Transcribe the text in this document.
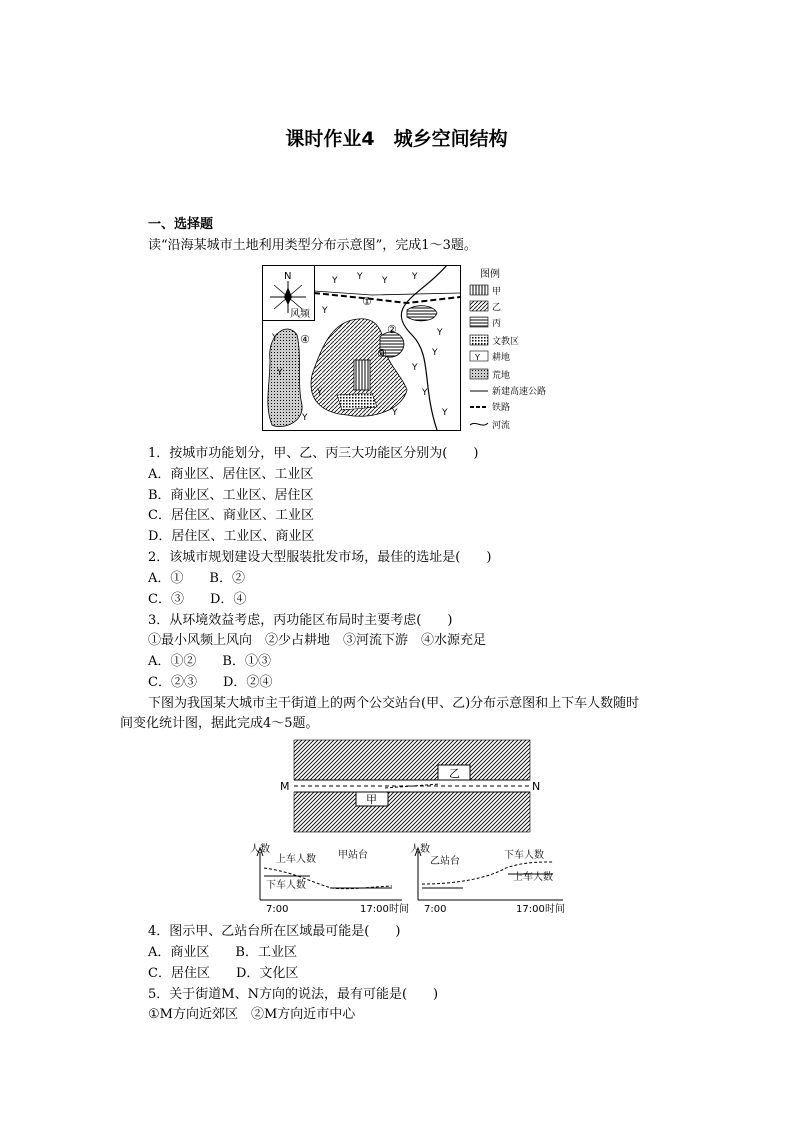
课时作业4　城乡空间结构
一、选择题
读“沿海某城市土地利用类型分布示意图”，完成1～3题。
N
风频
①
②
③
④
Y Y Y	Y
Y
Y
Y
Y
Y
Y
Y
Y
Y
Y
Y
图例
甲
乙
丙
文教区
Y 耕地
荒地
新建高速公路
铁路
河流
1．按城市功能划分，甲、乙、丙三大功能区分别为(　　)
A．商业区、居住区、工业区
B．商业区、工业区、居住区
C．居住区、商业区、工业区
D．居住区、工业区、商业区
2．该城市规划建设大型服装批发市场，最佳的选址是(　　)
A．①　　B．②
C．③　　D．④
3．从环境效益考虑，丙功能区布局时主要考虑(　　)
①最小风频上风向　②少占耕地　③河流下游　④水源充足
A．①②　　B．①③
C．②③　　D．②④
下图为我国某大城市主干街道上的两个公交站台(甲、乙)分布示意图和上下车人数随时
间变化统计图，据此完成4～5题。
乙
甲
M	N
人数
甲站台
上车人数
下车人数
7:00	17:00 时间
人数
乙站台
下车人数
上车人数
7:00	17:00 时间
4．图示甲、乙站台所在区域最可能是(　　)
A．商业区　　B．工业区
C．居住区　　D．文化区
5．关于街道M、N方向的说法，最有可能是(　　)
①M方向近郊区　②M方向近市中心
